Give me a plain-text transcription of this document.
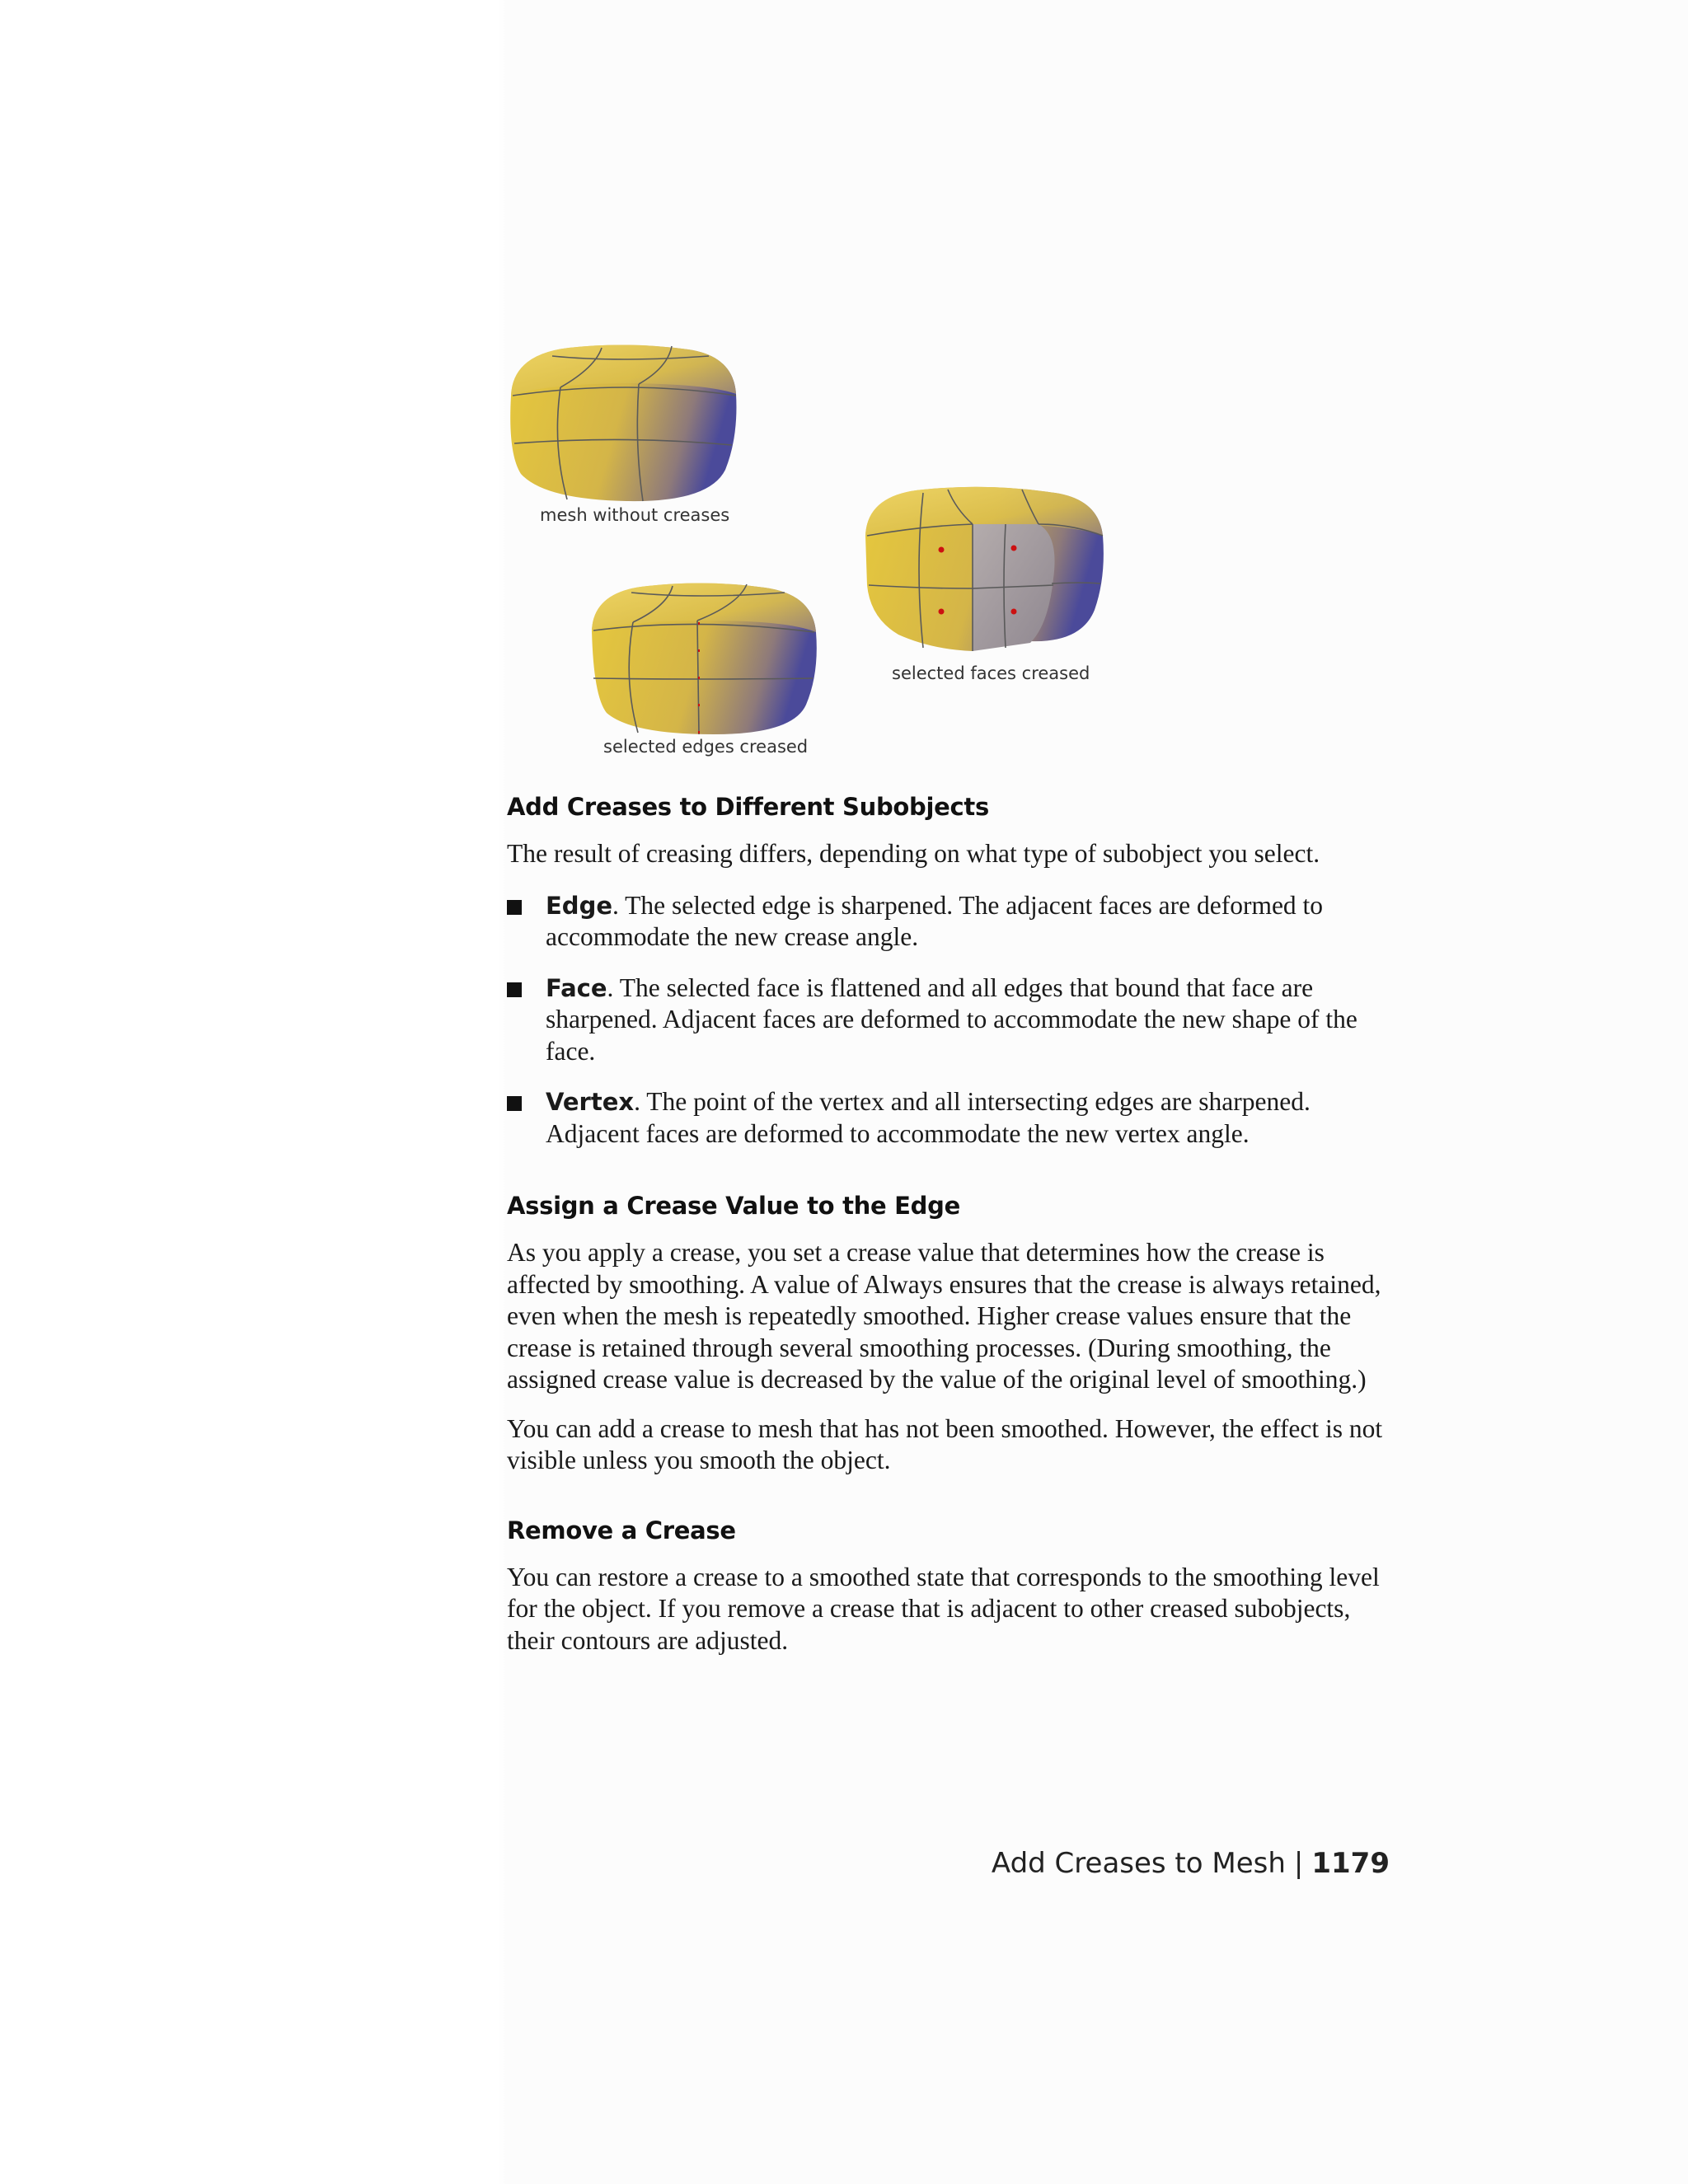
mesh without creases
selected faces creased
selected edges creased
Add Creases to Different Subobjects

The result of creasing differs, depending on what type of subobject you select.

Edge. The selected edge is sharpened. The adjacent faces are deformed to accommodate the new crease angle.
Face. The selected face is flattened and all edges that bound that face are sharpened. Adjacent faces are deformed to accommodate the new shape of the face.
Vertex. The point of the vertex and all intersecting edges are sharpened. Adjacent faces are deformed to accommodate the new vertex angle.
Assign a Crease Value to the Edge

As you apply a crease, you set a crease value that determines how the crease is affected by smoothing. A value of Always ensures that the crease is always retained, even when the mesh is repeatedly smoothed. Higher crease values ensure that the crease is retained through several smoothing processes. (During smoothing, the assigned crease value is decreased by the value of the original level of smoothing.)

You can add a crease to mesh that has not been smoothed. However, the effect is not visible unless you smooth the object.

Remove a Crease

You can restore a crease to a smoothed state that corresponds to the smoothing level for the object. If you remove a crease that is adjacent to other creased subobjects, their contours are adjusted.

Add Creases to Mesh | 1179
